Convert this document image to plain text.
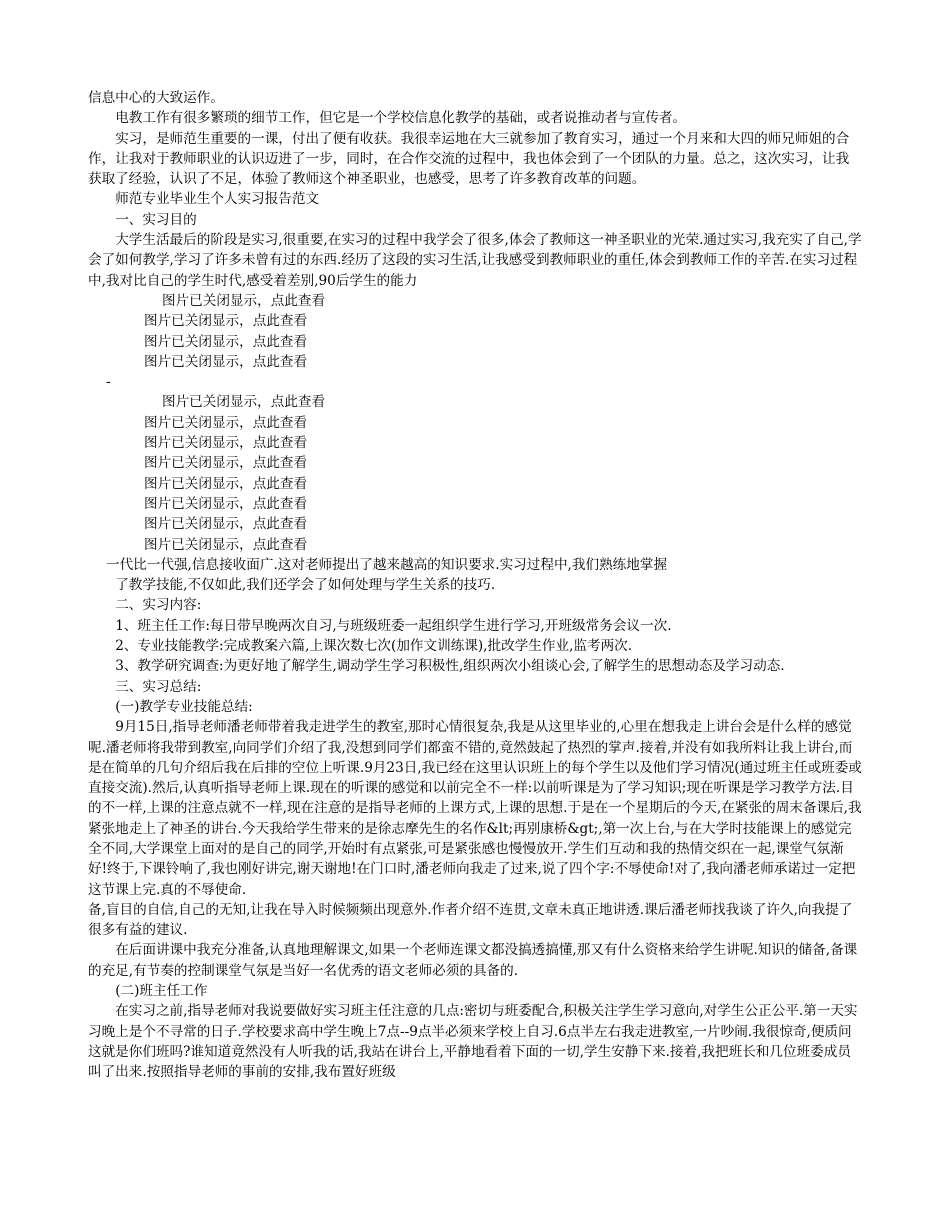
信息中心的大致运作。

电教工作有很多繁琐的细节工作，但它是一个学校信息化教学的基础，或者说推动者与宣传者。

实习，是师范生重要的一课，付出了便有收获。我很幸运地在大三就参加了教育实习，通过一个月来和大四的师兄师姐的合作，让我对于教师职业的认识迈进了一步，同时，在合作交流的过程中，我也体会到了一个团队的力量。总之，这次实习，让我获取了经验，认识了不足，体验了教师这个神圣职业，也感受，思考了许多教育改革的问题。

师范专业毕业生个人实习报告范文

一、实习目的

大学生活最后的阶段是实习,很重要,在实习的过程中我学会了很多,体会了教师这一神圣职业的光荣.通过实习,我充实了自己,学会了如何教学,学习了许多未曾有过的东西.经历了这段的实习生活,让我感受到教师职业的重任,体会到教师工作的辛苦.在实习过程中,我对比自己的学生时代,感受着差别,90后学生的能力

图片已关闭显示，点此查看

图片已关闭显示，点此查看

图片已关闭显示，点此查看

图片已关闭显示，点此查看

-

图片已关闭显示，点此查看

图片已关闭显示，点此查看

图片已关闭显示，点此查看

图片已关闭显示，点此查看

图片已关闭显示，点此查看

图片已关闭显示，点此查看

图片已关闭显示，点此查看

图片已关闭显示，点此查看

一代比一代强,信息接收面广.这对老师提出了越来越高的知识要求.实习过程中,我们熟练地掌握

了教学技能,不仅如此,我们还学会了如何处理与学生关系的技巧.

二、实习内容:

1、班主任工作:每日带早晚两次自习,与班级班委一起组织学生进行学习,开班级常务会议一次.

2、专业技能教学:完成教案六篇,上课次数七次(加作文训练课),批改学生作业,监考两次.

3、教学研究调查:为更好地了解学生,调动学生学习积极性,组织两次小组谈心会,了解学生的思想动态及学习动态.

三、实习总结:

(一)教学专业技能总结:

9月15日,指导老师潘老师带着我走进学生的教室,那时心情很复杂,我是从这里毕业的,心里在想我走上讲台会是什么样的感觉呢.潘老师将我带到教室,向同学们介绍了我,没想到同学们都蛮不错的,竟然鼓起了热烈的掌声.接着,并没有如我所料让我上讲台,而是在简单的几句介绍后我在后排的空位上听课.9月23日,我已经在这里认识班上的每个学生以及他们学习情况(通过班主任或班委或直接交流).然后,认真听指导老师上课.现在的听课的感觉和以前完全不一样:以前听课是为了学习知识;现在听课是学习教学方法.目的不一样,上课的注意点就不一样,现在注意的是指导老师的上课方式,上课的思想.于是在一个星期后的今天,在紧张的周末备课后,我紧张地走上了神圣的讲台.今天我给学生带来的是徐志摩先生的名作&lt;再别康桥&gt;,第一次上台,与在大学时技能课上的感觉完全不同,大学课堂上面对的是自己的同学,开始时有点紧张,可是紧张感也慢慢放开.学生们互动和我的热情交织在一起,课堂气氛渐好!终于,下课铃响了,我也刚好讲完,谢天谢地!在门口时,潘老师向我走了过来,说了四个字:不辱使命!对了,我向潘老师承诺过一定把这节课上完.真的不辱使命.

备,盲目的自信,自己的无知,让我在导入时候频频出现意外.作者介绍不连贯,文章未真正地讲透.课后潘老师找我谈了许久,向我提了很多有益的建议.

在后面讲课中我充分准备,认真地理解课文,如果一个老师连课文都没搞透搞懂,那又有什么资格来给学生讲呢.知识的储备,备课的充足,有节奏的控制课堂气氛是当好一名优秀的语文老师必须的具备的.

(二)班主任工作

在实习之前,指导老师对我说要做好实习班主任注意的几点:密切与班委配合,积极关注学生学习意向,对学生公正公平.第一天实习晚上是个不寻常的日子.学校要求高中学生晚上7点--9点半必须来学校上自习.6点半左右我走进教室,一片吵闹.我很惊奇,便质问这就是你们班吗?谁知道竟然没有人听我的话,我站在讲台上,平静地看着下面的一切,学生安静下来.接着,我把班长和几位班委成员叫了出来.按照指导老师的事前的安排,我布置好班级
